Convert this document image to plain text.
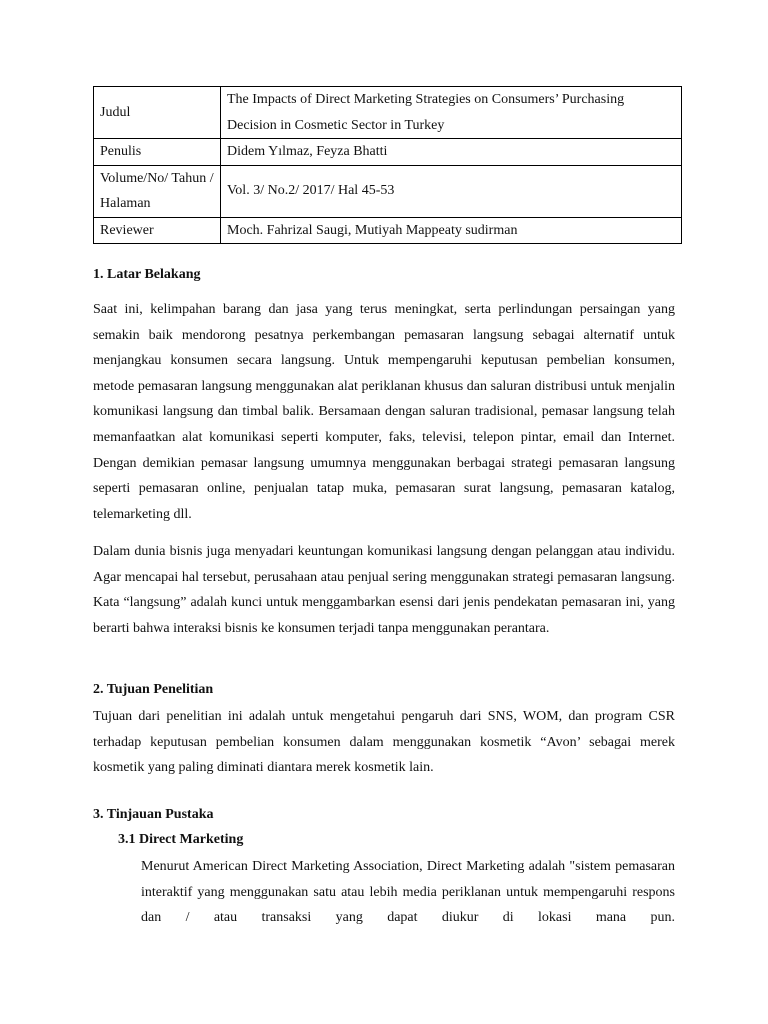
Judul	The Impacts of Direct Marketing Strategies on Consumers’ Purchasing Decision in Cosmetic Sector in Turkey
Penulis	Didem Yılmaz, Feyza Bhatti
Volume/No/ Tahun / Halaman	Vol. 3/ No.2/ 2017/ Hal 45-53
Reviewer	Moch. Fahrizal Saugi, Mutiyah Mappeaty sudirman
1. Latar Belakang

Saat ini, kelimpahan barang dan jasa yang terus meningkat, serta perlindungan persaingan yang semakin baik mendorong pesatnya perkembangan pemasaran langsung sebagai alternatif untuk menjangkau konsumen secara langsung. Untuk mempengaruhi keputusan pembelian konsumen, metode pemasaran langsung menggunakan alat periklanan khusus dan saluran distribusi untuk menjalin komunikasi langsung dan timbal balik. Bersamaan dengan saluran tradisional, pemasar langsung telah memanfaatkan alat komunikasi seperti komputer, faks, televisi, telepon pintar, email dan Internet. Dengan demikian pemasar langsung umumnya menggunakan berbagai strategi pemasaran langsung seperti pemasaran online, penjualan tatap muka, pemasaran surat langsung, pemasaran katalog, telemarketing dll.

Dalam dunia bisnis juga menyadari keuntungan komunikasi langsung dengan pelanggan atau individu. Agar mencapai hal tersebut, perusahaan atau penjual sering menggunakan strategi pemasaran langsung. Kata “langsung” adalah kunci untuk menggambarkan esensi dari jenis pendekatan pemasaran ini, yang berarti bahwa interaksi bisnis ke konsumen terjadi tanpa menggunakan perantara.

2. Tujuan Penelitian

Tujuan dari penelitian ini adalah untuk mengetahui pengaruh dari SNS, WOM, dan program CSR terhadap keputusan pembelian konsumen dalam menggunakan kosmetik “Avon’ sebagai merek kosmetik yang paling diminati diantara merek kosmetik lain.

3. Tinjauan Pustaka
3.1 Direct Marketing

Menurut American Direct Marketing Association, Direct Marketing adalah "sistem pemasaran interaktif yang menggunakan satu atau lebih media periklanan untuk mempengaruhi respons dan / atau transaksi yang dapat diukur di lokasi mana pun.
